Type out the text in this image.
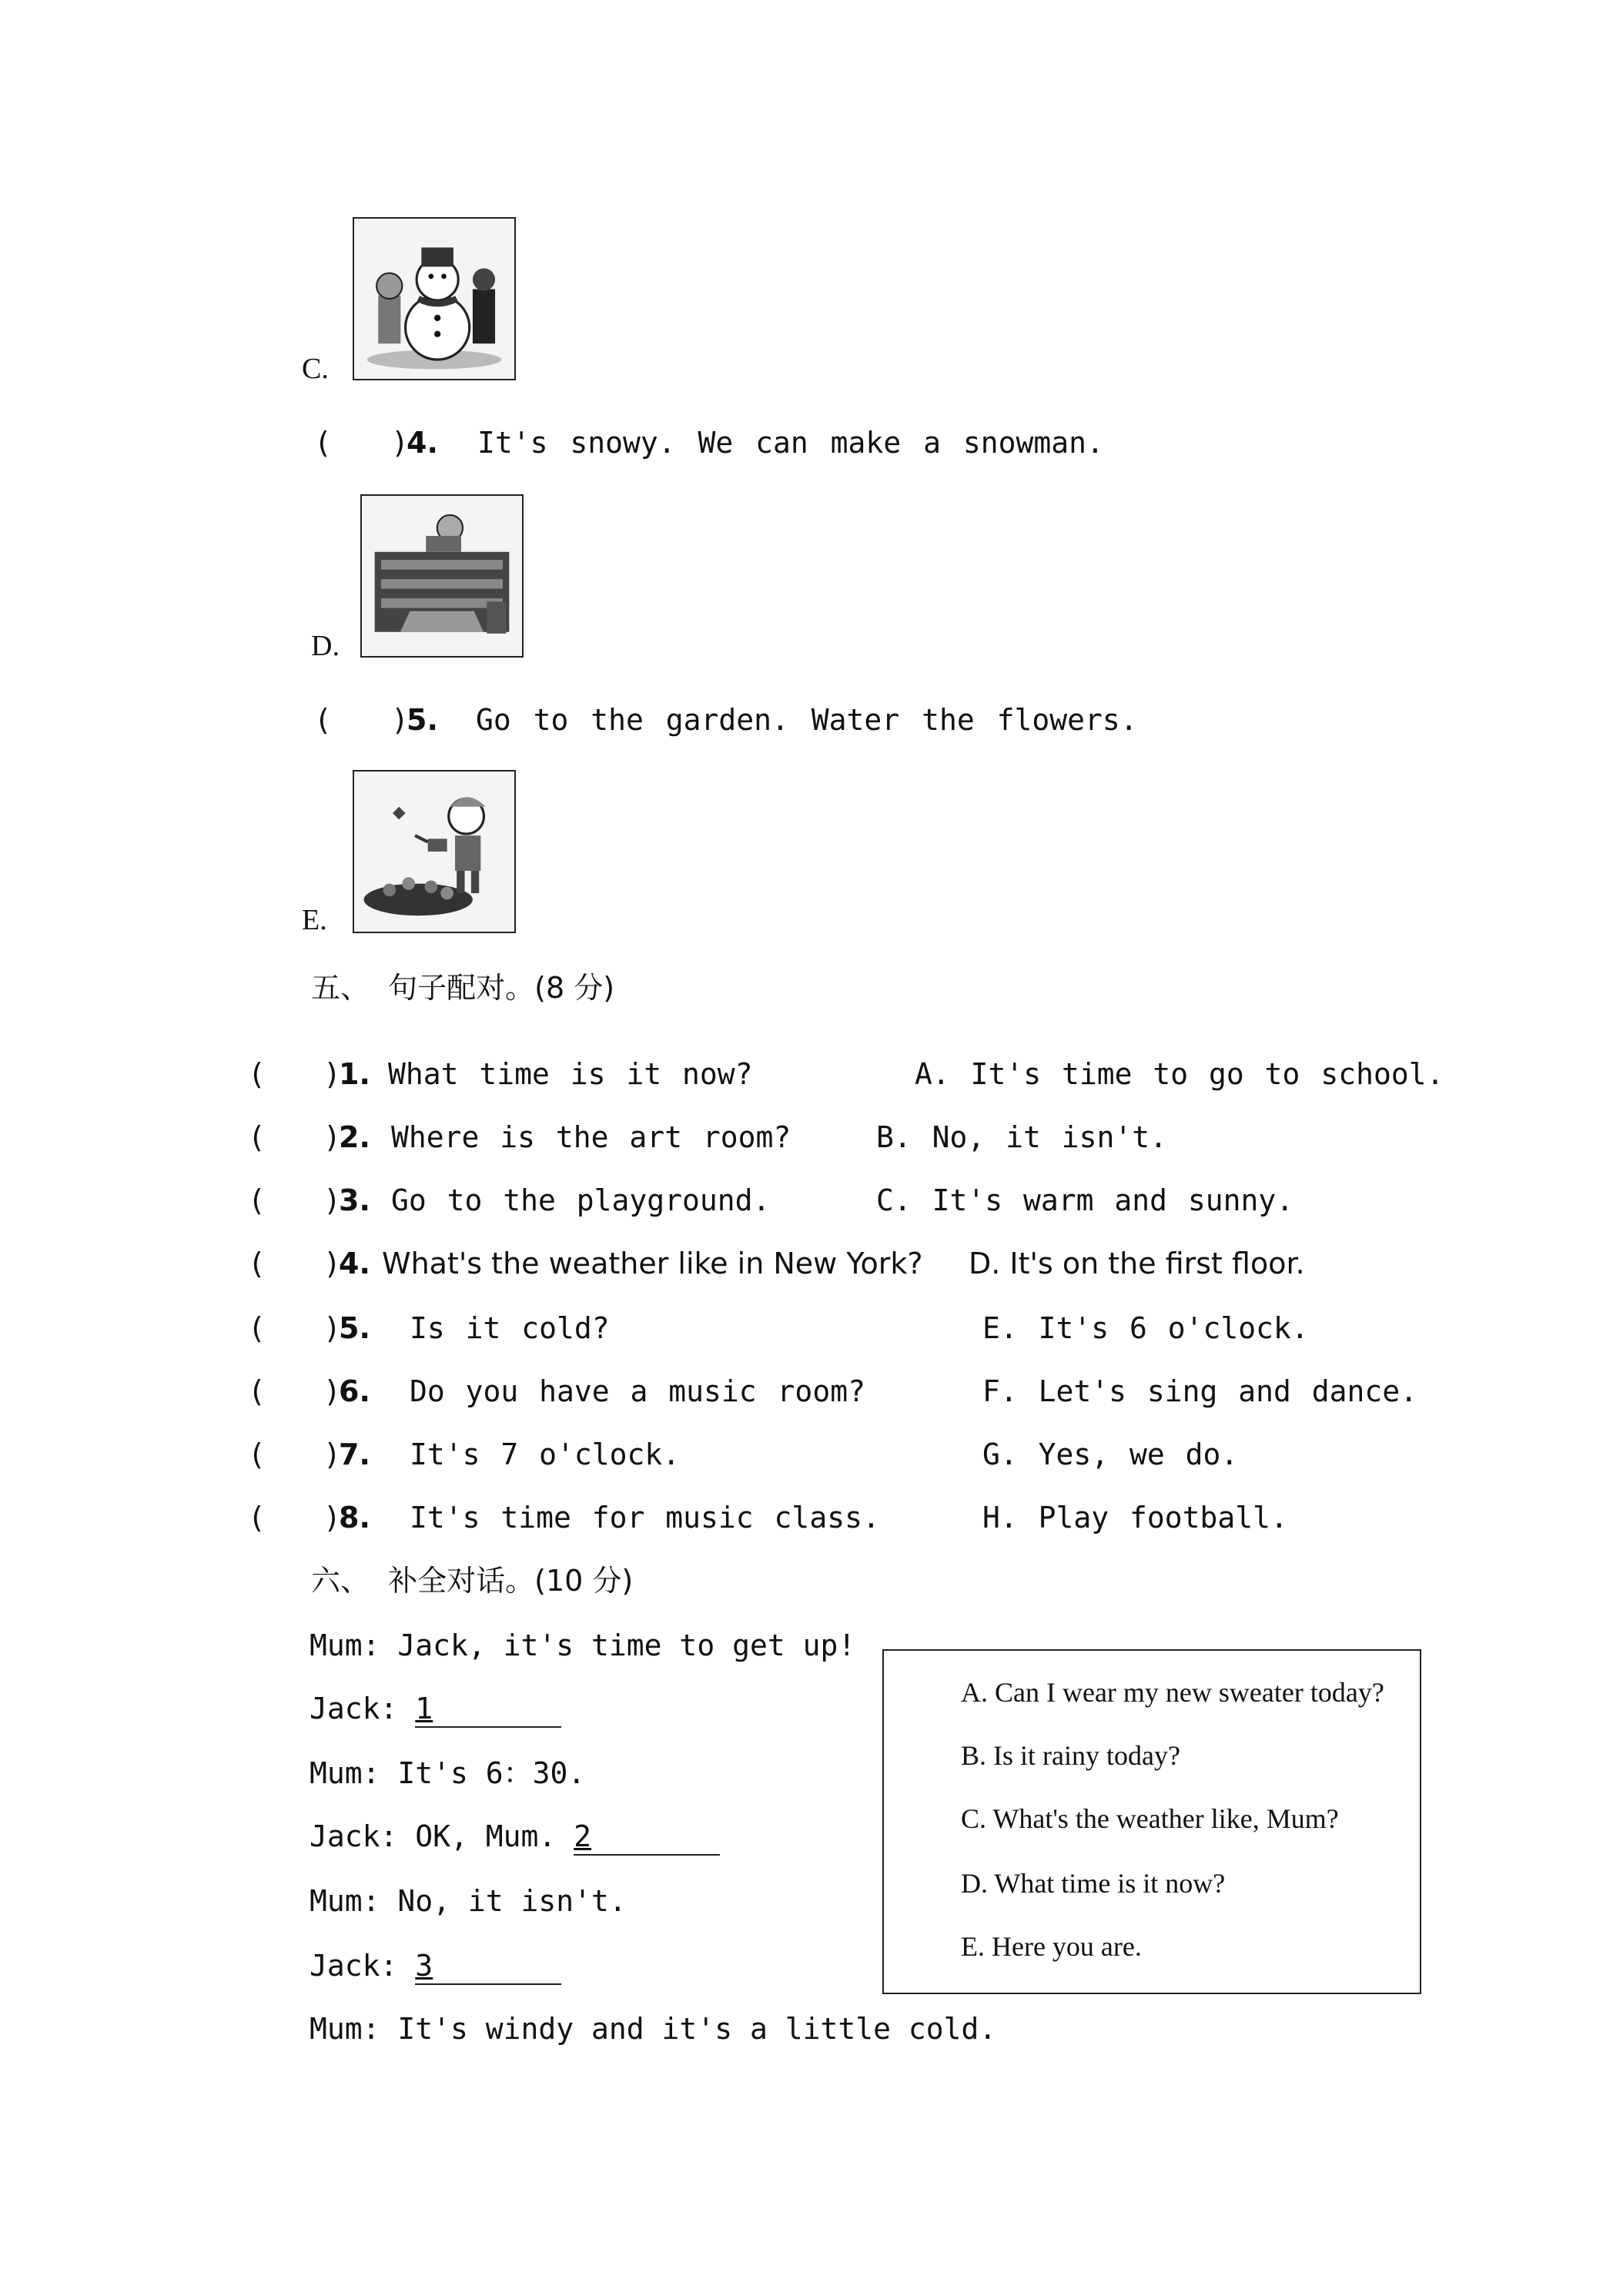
C.
( )
4. It's snowy. We can make a snowman.
D.
( )
5. Go to the garden. Water the flowers.
E.
五、  句子配对。(8 分)
( )
1. What time is it now?	A. It's time to go to school.
( )
2. Where is the art room?	B. No, it isn't.
( )
3. Go to the playground.	C. It's warm and sunny.
( )
4. What's the weather like in New York? D. It's on the first floor.
( )
5. Is it cold?	E. It's 6 o'clock.
( )
6. Do you have a music room?	F. Let's sing and dance.
( )
7. It's 7 o'clock.	G. Yes, we do.
( )
8. It's time for music class.	H. Play football.
六、  补全对话。(10 分)
Mum: Jack, it's time to get up!
Jack: 1
Mum: It's 6：30.
Jack: OK, Mum. 2
Mum: No, it isn't.
Jack: 3
Mum: It's windy and it's a little cold.
A. Can I wear my new sweater today?
B. Is it rainy today?
C. What's the weather like, Mum?
D. What time is it now?
E. Here you are.
